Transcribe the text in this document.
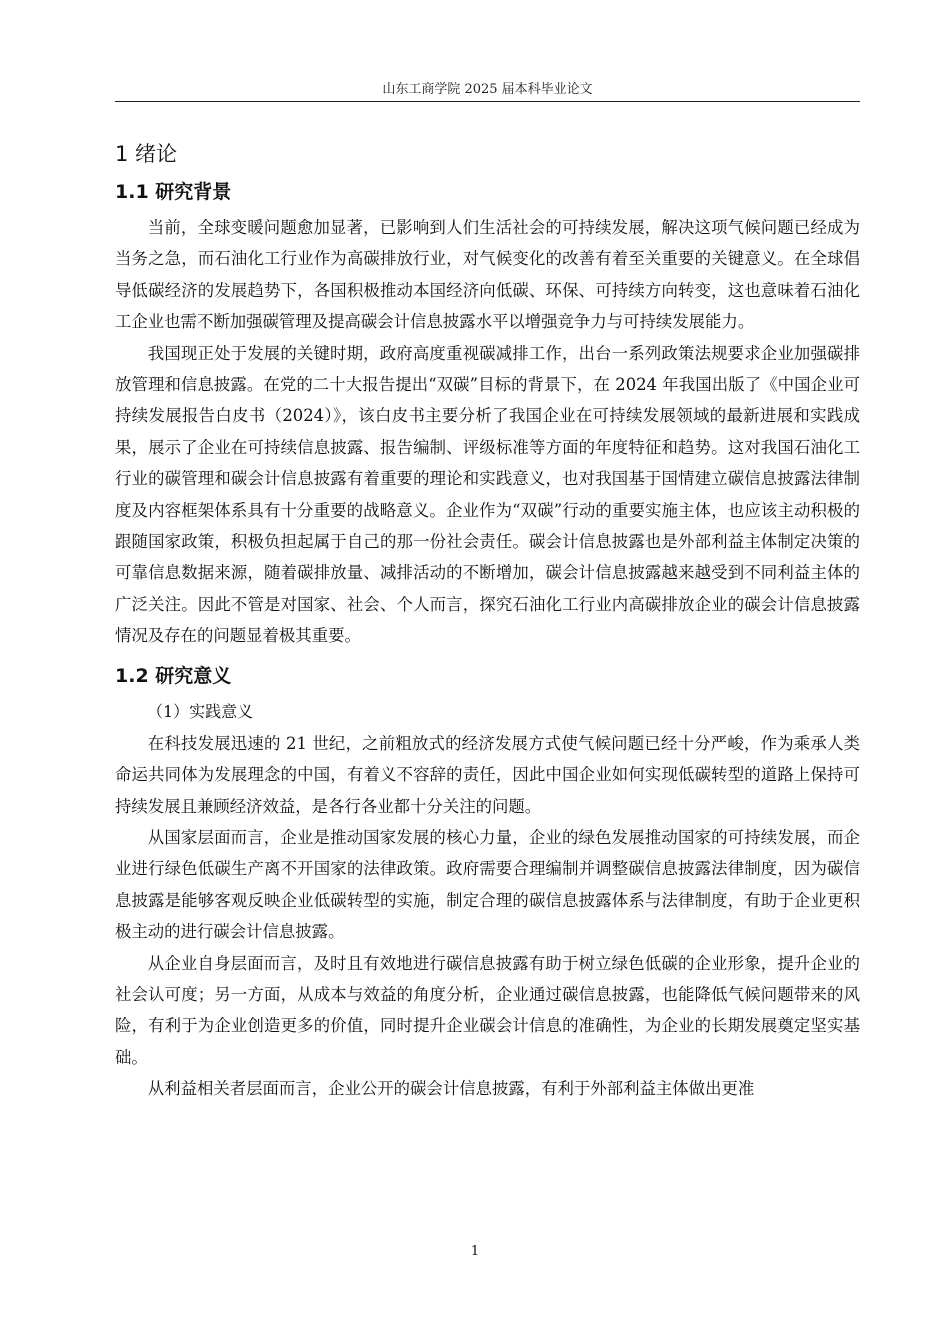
山东工商学院 2025 届本科毕业论文
1 绪论
1.1 研究背景

当前，全球变暖问题愈加显著，已影响到人们生活社会的可持续发展，解决这项气候问题已经成为当务之急，而石油化工行业作为高碳排放行业，对气候变化的改善有着至关重要的关键意义。在全球倡导低碳经济的发展趋势下，各国积极推动本国经济向低碳、环保、可持续方向转变，这也意味着石油化工企业也需不断加强碳管理及提高碳会计信息披露水平以增强竞争力与可持续发展能力。

我国现正处于发展的关键时期，政府高度重视碳减排工作，出台一系列政策法规要求企业加强碳排放管理和信息披露。在党的二十大报告提出“双碳”目标的背景下，在 2024 年我国出版了《中国企业可持续发展报告白皮书（2024）》，该白皮书主要分析了我国企业在可持续发展领域的最新进展和实践成果，展示了企业在可持续信息披露、报告编制、评级标准等方面的年度特征和趋势。这对我国石油化工行业的碳管理和碳会计信息披露有着重要的理论和实践意义，也对我国基于国情建立碳信息披露法律制度及内容框架体系具有十分重要的战略意义。企业作为“双碳”行动的重要实施主体，也应该主动积极的跟随国家政策，积极负担起属于自己的那一份社会责任。碳会计信息披露也是外部利益主体制定决策的可靠信息数据来源，随着碳排放量、减排活动的不断增加，碳会计信息披露越来越受到不同利益主体的广泛关注。因此不管是对国家、社会、个人而言，探究石油化工行业内高碳排放企业的碳会计信息披露情况及存在的问题显着极其重要。

1.2 研究意义
（1）实践意义

在科技发展迅速的 21 世纪，之前粗放式的经济发展方式使气候问题已经十分严峻，作为乘承人类命运共同体为发展理念的中国，有着义不容辞的责任，因此中国企业如何实现低碳转型的道路上保持可持续发展且兼顾经济效益，是各行各业都十分关注的问题。

从国家层面而言，企业是推动国家发展的核心力量，企业的绿色发展推动国家的可持续发展，而企业进行绿色低碳生产离不开国家的法律政策。政府需要合理编制并调整碳信息披露法律制度，因为碳信息披露是能够客观反映企业低碳转型的实施，制定合理的碳信息披露体系与法律制度，有助于企业更积极主动的进行碳会计信息披露。

从企业自身层面而言，及时且有效地进行碳信息披露有助于树立绿色低碳的企业形象，提升企业的社会认可度；另一方面，从成本与效益的角度分析，企业通过碳信息披露，也能降低气候问题带来的风险，有利于为企业创造更多的价值，同时提升企业碳会计信息的准确性，为企业的长期发展奠定坚实基础。

从利益相关者层面而言，企业公开的碳会计信息披露，有利于外部利益主体做出更准

1
